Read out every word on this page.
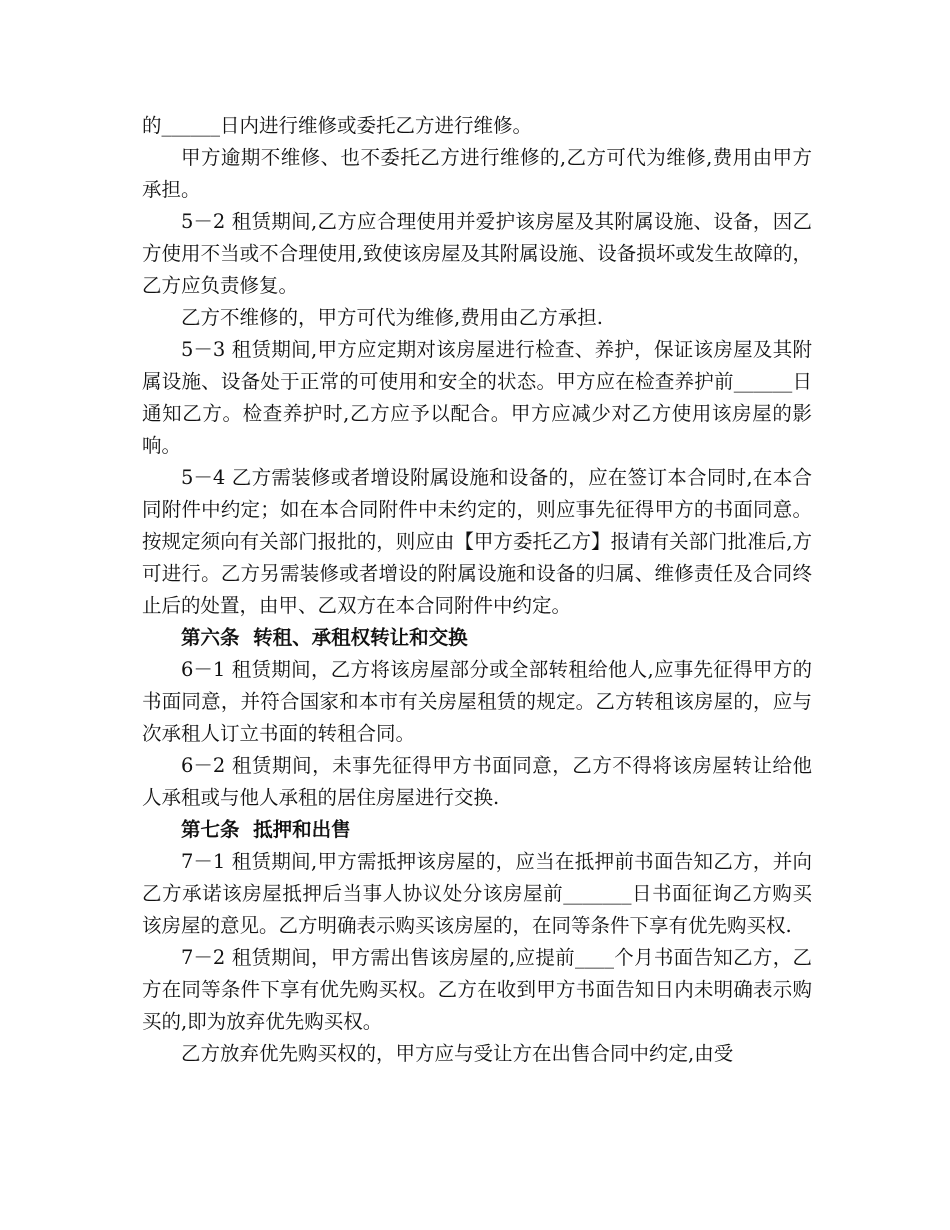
的______日内进行维修或委托乙方进行维修。

甲方逾期不维修、也不委托乙方进行维修的,乙方可代为维修,费用由甲方承担。

5－2 租赁期间,乙方应合理使用并爱护该房屋及其附属设施、设备，因乙方使用不当或不合理使用,致使该房屋及其附属设施、设备损坏或发生故障的，乙方应负责修复。

乙方不维修的，甲方可代为维修,费用由乙方承担.

5－3 租赁期间,甲方应定期对该房屋进行检查、养护，保证该房屋及其附属设施、设备处于正常的可使用和安全的状态。甲方应在检查养护前______日通知乙方。检查养护时,乙方应予以配合。甲方应减少对乙方使用该房屋的影响。

5－4 乙方需装修或者增设附属设施和设备的，应在签订本合同时,在本合同附件中约定；如在本合同附件中未约定的，则应事先征得甲方的书面同意。按规定须向有关部门报批的，则应由【甲方委托乙方】报请有关部门批准后,方可进行。乙方另需装修或者增设的附属设施和设备的归属、维修责任及合同终止后的处置，由甲、乙双方在本合同附件中约定。

第六条  转租、承租权转让和交换

6－1 租赁期间，乙方将该房屋部分或全部转租给他人,应事先征得甲方的书面同意，并符合国家和本市有关房屋租赁的规定。乙方转租该房屋的，应与次承租人订立书面的转租合同。

6－2 租赁期间，未事先征得甲方书面同意，乙方不得将该房屋转让给他人承租或与他人承租的居住房屋进行交换.

第七条  抵押和出售

7－1 租赁期间,甲方需抵押该房屋的，应当在抵押前书面告知乙方，并向乙方承诺该房屋抵押后当事人协议处分该房屋前_______日书面征询乙方购买该房屋的意见。乙方明确表示购买该房屋的，在同等条件下享有优先购买权.

7－2 租赁期间，甲方需出售该房屋的,应提前____个月书面告知乙方，乙方在同等条件下享有优先购买权。乙方在收到甲方书面告知日内未明确表示购买的,即为放弃优先购买权。

乙方放弃优先购买权的，甲方应与受让方在出售合同中约定,由受
